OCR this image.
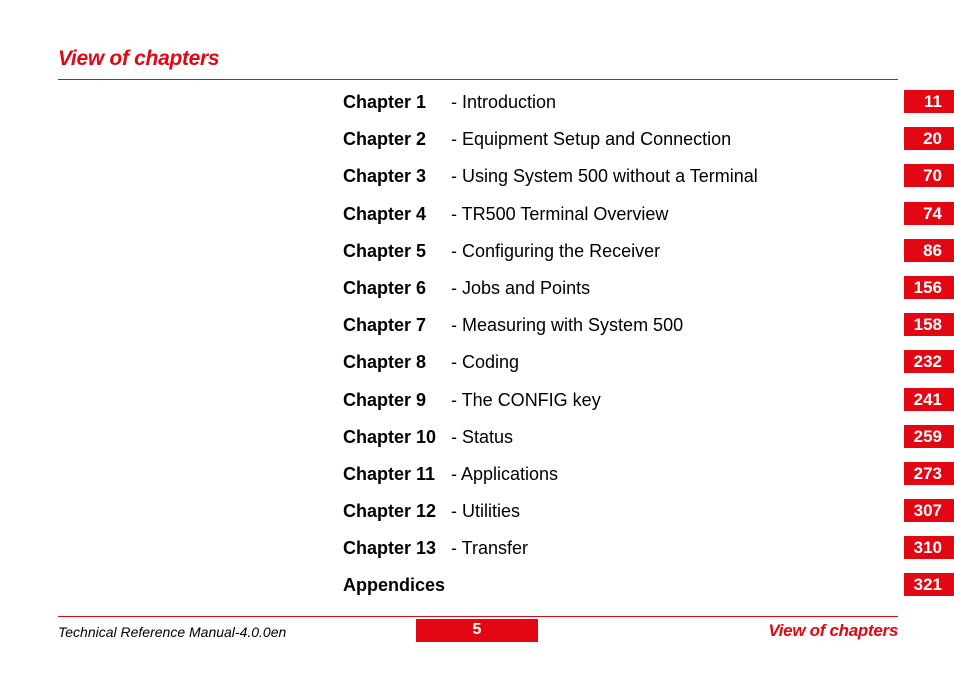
View of chapters
Chapter 1 - Introduction	11
Chapter 2 - Equipment Setup and Connection	20
Chapter 3 - Using System 500 without a Terminal	70
Chapter 4 - TR500 Terminal Overview	74
Chapter 5 - Configuring the Receiver	86
Chapter 6 - Jobs and Points	156
Chapter 7 - Measuring with System 500	158
Chapter 8 - Coding	232
Chapter 9 - The CONFIG key	241
Chapter 10 - Status	259
Chapter 11 - Applications	273
Chapter 12 - Utilities	307
Chapter 13 - Transfer	310
Appendices	321
Technical Reference Manual-4.0.0en	5	View of chapters
